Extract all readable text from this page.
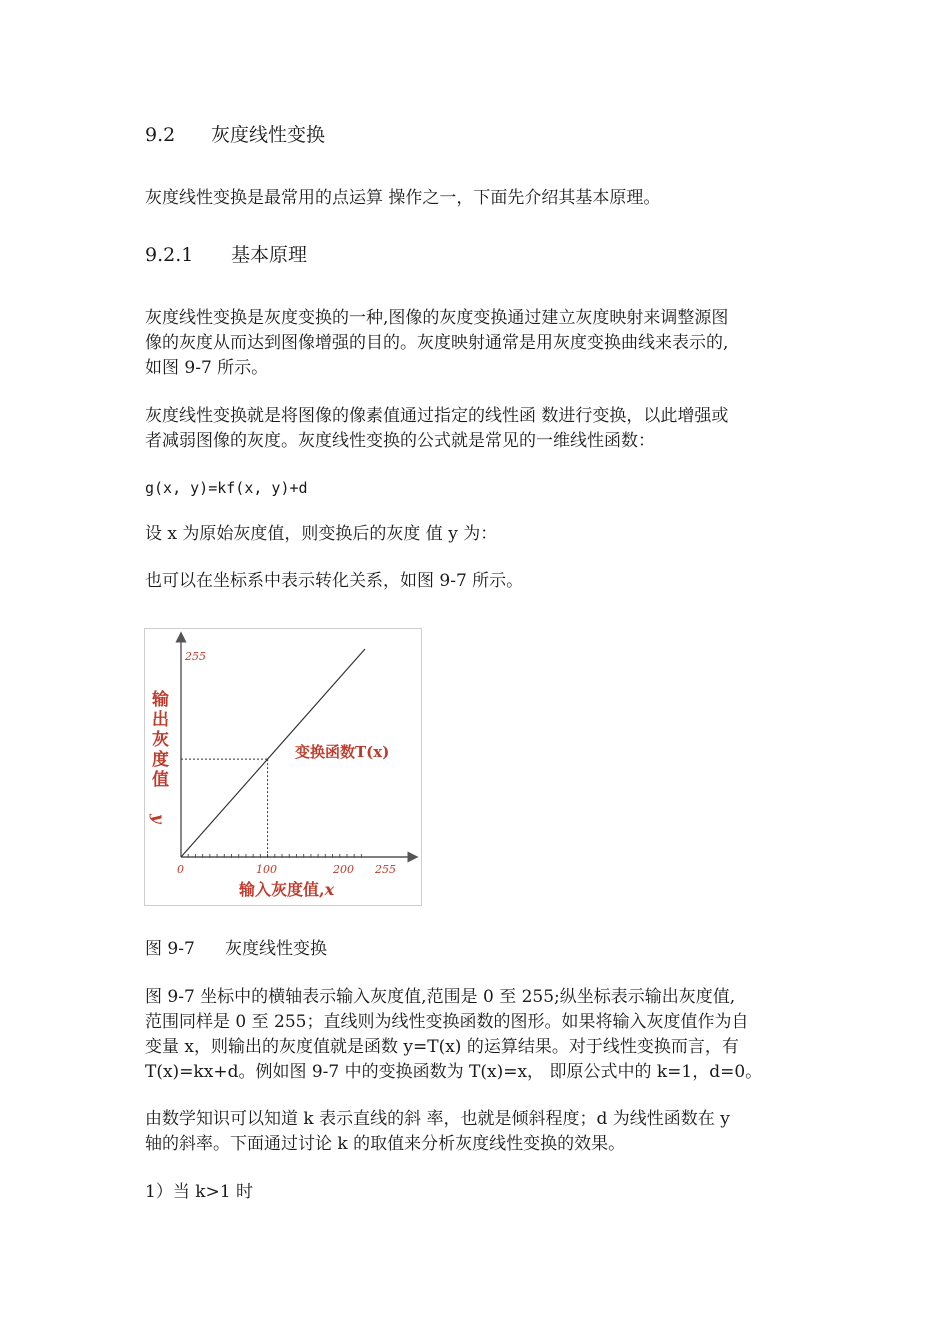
9.2 灰度线性变换
灰度线性变换是最常用的点运算 操作之一，下面先介绍其基本原理。
9.2.1 基本原理
灰度线性变换是灰度变换的一种,图像的灰度变换通过建立灰度映射来调整源图
像的灰度从而达到图像增强的目的。灰度映射通常是用灰度变换曲线来表示的,
如图 9-7 所示。
灰度线性变换就是将图像的像素值通过指定的线性函 数进行变换，以此增强或
者减弱图像的灰度。灰度线性变换的公式就是常见的一维线性函数：
g(x, y)=kf(x, y)+d
设 x 为原始灰度值，则变换后的灰度 值 y 为：
也可以在坐标系中表示转化关系，如图 9-7 所示。
255
输
出
灰
度
值
y
变换函数T(x)
0	100	200 255
输入灰度值,x
图 9-7 灰度线性变换
图 9-7 坐标中的横轴表示输入灰度值,范围是 0 至 255;纵坐标表示输出灰度值,
范围同样是 0 至 255；直线则为线性变换函数的图形。如果将输入灰度值作为自
变量 x，则输出的灰度值就是函数 y=T(x) 的运算结果。对于线性变换而言，有
T(x)=kx+d。例如图 9-7 中的变换函数为 T(x)=x， 即原公式中的 k=1，d=0。
由数学知识可以知道 k 表示直线的斜 率，也就是倾斜程度；d 为线性函数在 y
轴的斜率。下面通过讨论 k 的取值来分析灰度线性变换的效果。
1）当 k>1 时
